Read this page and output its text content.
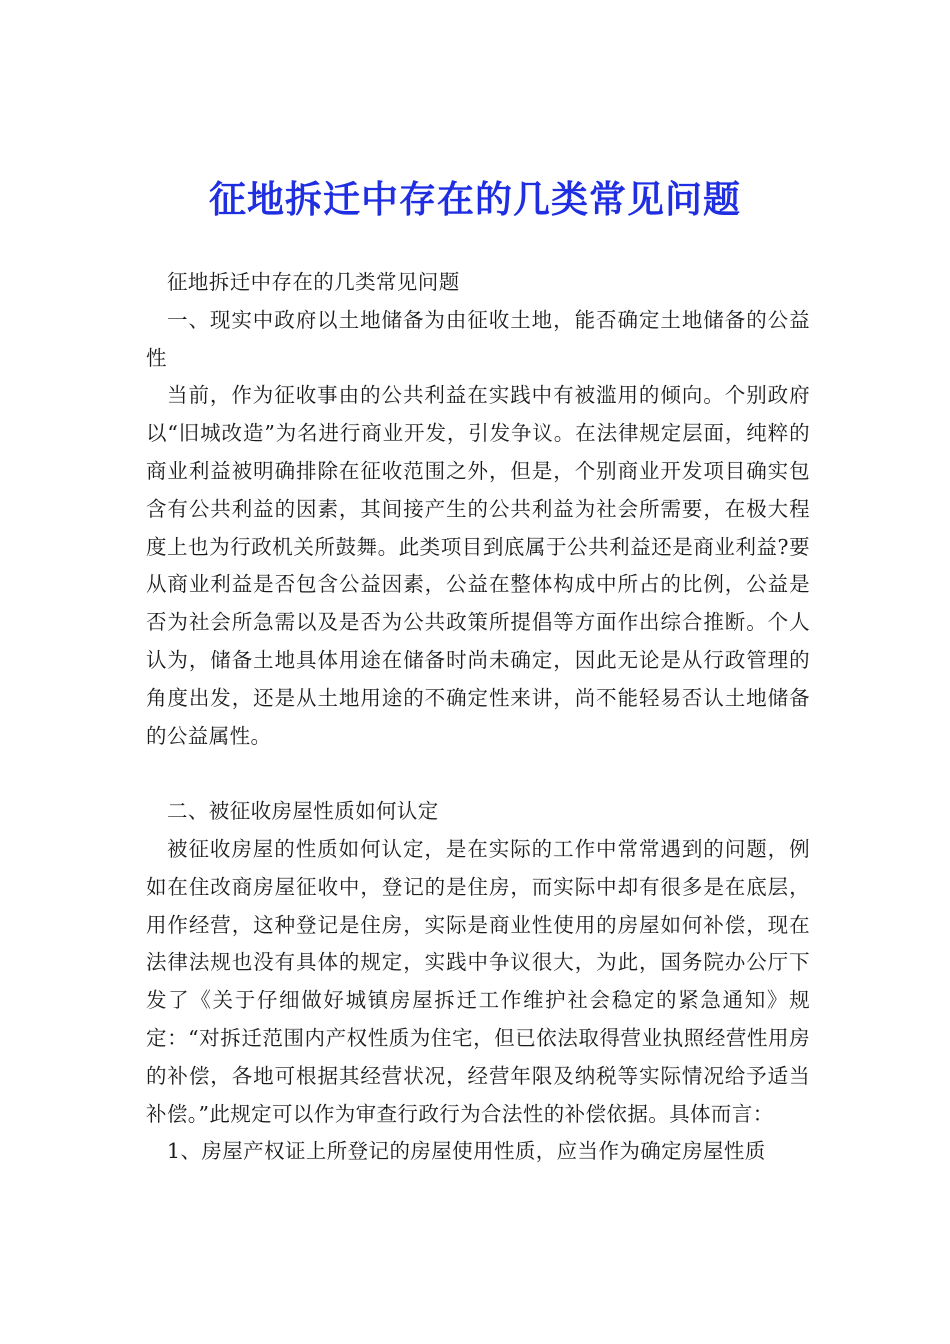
征地拆迁中存在的几类常见问题

征地拆迁中存在的几类常见问题

一、现实中政府以土地储备为由征收土地，能否确定土地储备的公益性

当前，作为征收事由的公共利益在实践中有被滥用的倾向。个别政府以“旧城改造”为名进行商业开发，引发争议。在法律规定层面，纯粹的商业利益被明确排除在征收范围之外，但是，个别商业开发项目确实包含有公共利益的因素，其间接产生的公共利益为社会所需要，在极大程度上也为行政机关所鼓舞。此类项目到底属于公共利益还是商业利益?要从商业利益是否包含公益因素，公益在整体构成中所占的比例，公益是否为社会所急需以及是否为公共政策所提倡等方面作出综合推断。个人认为，储备土地具体用途在储备时尚未确定，因此无论是从行政管理的角度出发，还是从土地用途的不确定性来讲，尚不能轻易否认土地储备的公益属性。

二、被征收房屋性质如何认定

被征收房屋的性质如何认定，是在实际的工作中常常遇到的问题，例如在住改商房屋征收中，登记的是住房，而实际中却有很多是在底层，用作经营，这种登记是住房，实际是商业性使用的房屋如何补偿，现在法律法规也没有具体的规定，实践中争议很大，为此，国务院办公厅下发了《关于仔细做好城镇房屋拆迁工作维护社会稳定的紧急通知》规定：“对拆迁范围内产权性质为住宅，但已依法取得营业执照经营性用房的补偿，各地可根据其经营状况，经营年限及纳税等实际情况给予适当补偿。”此规定可以作为审查行政行为合法性的补偿依据。具体而言：

1、房屋产权证上所登记的房屋使用性质，应当作为确定房屋性质
